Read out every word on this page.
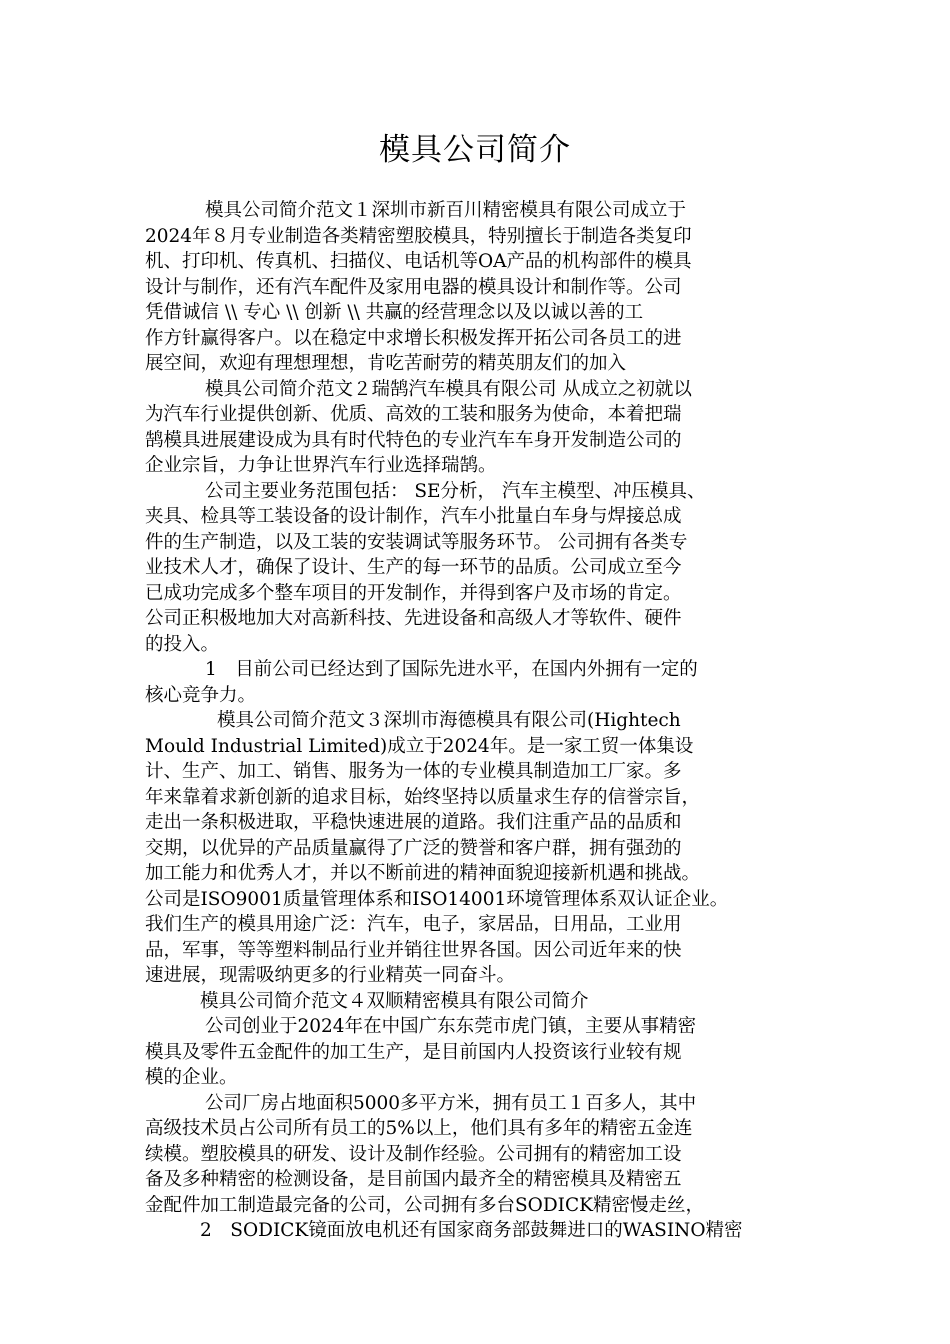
模具公司简介
模具公司简介范文１深圳市新百川精密模具有限公司成立于
2024年８月专业制造各类精密塑胶模具，特别擅长于制造各类复印
机、打印机、传真机、扫描仪、电话机等OA产品的机构部件的模具
设计与制作，还有汽车配件及家用电器的模具设计和制作等。公司
凭借诚信 \\ 专心 \\ 创新 \\ 共赢的经营理念以及以诚以善的工
作方针赢得客户。以在稳定中求增长积极发挥开拓公司各员工的进
展空间，欢迎有理想理想，肯吃苦耐劳的精英朋友们的加入
模具公司简介范文２瑞鹄汽车模具有限公司 从成立之初就以
为汽车行业提供创新、优质、高效的工装和服务为使命，本着把瑞
鹄模具进展建设成为具有时代特色的专业汽车车身开发制造公司的
企业宗旨，力争让世界汽车行业选择瑞鹄。
公司主要业务范围包括： SE分析， 汽车主模型、冲压模具、
夹具、检具等工装设备的设计制作，汽车小批量白车身与焊接总成
件的生产制造，以及工装的安装调试等服务环节。 公司拥有各类专
业技术人才，确保了设计、生产的每一环节的品质。公司成立至今
已成功完成多个整车项目的开发制作，并得到客户及市场的肯定。
公司正积极地加大对高新科技、先进设备和高级人才等软件、硬件
的投入。
1　目前公司已经达到了国际先进水平，在国内外拥有一定的
核心竞争力。
模具公司简介范文３深圳市海德模具有限公司(Hightech
Mould Industrial Limited)成立于2024年。是一家工贸一体集设
计、生产、加工、销售、服务为一体的专业模具制造加工厂家。多
年来靠着求新创新的追求目标，始终坚持以质量求生存的信誉宗旨，
走出一条积极进取，平稳快速进展的道路。我们注重产品的品质和
交期，以优异的产品质量赢得了广泛的赞誉和客户群，拥有强劲的
加工能力和优秀人才，并以不断前进的精神面貌迎接新机遇和挑战。
公司是ISO9001质量管理体系和ISO14001环境管理体系双认证企业。
我们生产的模具用途广泛：汽车，电子，家居品，日用品，工业用
品，军事，等等塑料制品行业并销往世界各国。因公司近年来的快
速进展，现需吸纳更多的行业精英一同奋斗。
模具公司简介范文４双顺精密模具有限公司简介
公司创业于2024年在中国广东东莞市虎门镇，主要从事精密
模具及零件五金配件的加工生产，是目前国内人投资该行业较有规
模的企业。
公司厂房占地面积5000多平方米，拥有员工１百多人，其中
高级技术员占公司所有员工的5%以上，他们具有多年的精密五金连
续模。塑胶模具的研发、设计及制作经验。公司拥有的精密加工设
备及多种精密的检测设备，是目前国内最齐全的精密模具及精密五
金配件加工制造最完备的公司，公司拥有多台SODICK精密慢走丝，
2　SODICK镜面放电机还有国家商务部鼓舞进口的WASINO精密
